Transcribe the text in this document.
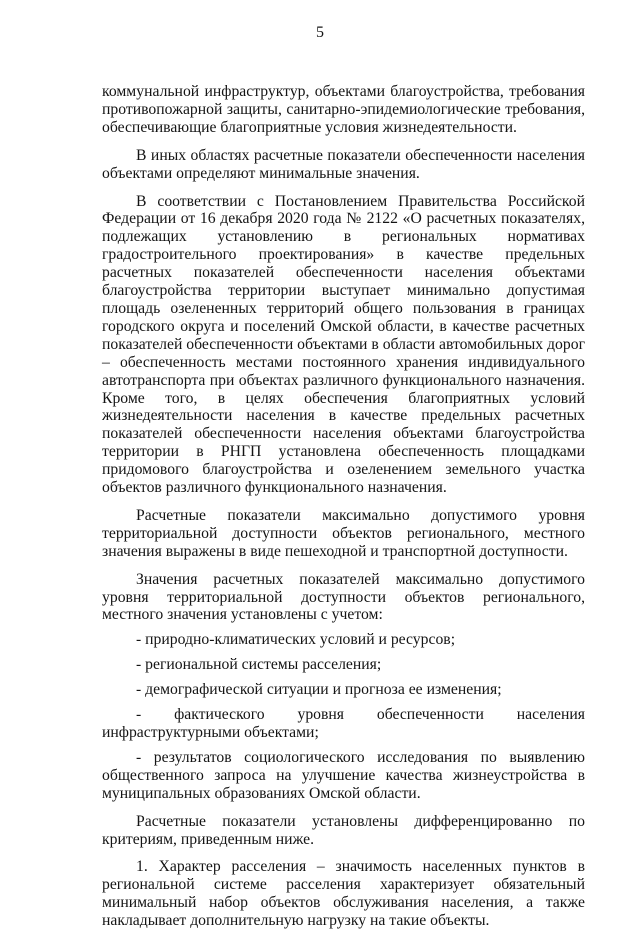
5

коммунальной инфраструктур, объектами благоустройства, требования противопожарной защиты, санитарно-эпидемиологические требования, обеспечивающие благоприятные условия жизнедеятельности.

В иных областях расчетные показатели обеспеченности населения объектами определяют минимальные значения.

В соответствии с Постановлением Правительства Российской Федерации от 16 декабря 2020 года № 2122 «О расчетных показателях, подлежащих установлению в региональных нормативах градостроительного проектирования» в качестве предельных расчетных показателей обеспеченности населения объектами благоустройства территории выступает минимально допустимая площадь озелененных территорий общего пользования в границах городского округа и поселений Омской области, в качестве расчетных показателей обеспеченности объектами в области автомобильных дорог – обеспеченность местами постоянного хранения индивидуального автотранспорта при объектах различного функционального назначения. Кроме того, в целях обеспечения благоприятных условий жизнедеятельности населения в качестве предельных расчетных показателей обеспеченности населения объектами благоустройства территории в РНГП установлена обеспеченность площадками придомового благоустройства и озеленением земельного участка объектов различного функционального назначения.

Расчетные показатели максимально допустимого уровня территориальной доступности объектов регионального, местного значения выражены в виде пешеходной и транспортной доступности.

Значения расчетных показателей максимально допустимого уровня территориальной доступности объектов регионального, местного значения установлены с учетом:

- природно-климатических условий и ресурсов;

- региональной системы расселения;

- демографической ситуации и прогноза ее изменения;

- фактического уровня обеспеченности населения инфраструктурными объектами;

- результатов социологического исследования по выявлению общественного запроса на улучшение качества жизнеустройства в муниципальных образованиях Омской области.

Расчетные показатели установлены дифференцированно по критериям, приведенным ниже.

1. Характер расселения – значимость населенных пунктов в региональной системе расселения характеризует обязательный минимальный набор объектов обслуживания населения, а также накладывает дополнительную нагрузку на такие объекты.
